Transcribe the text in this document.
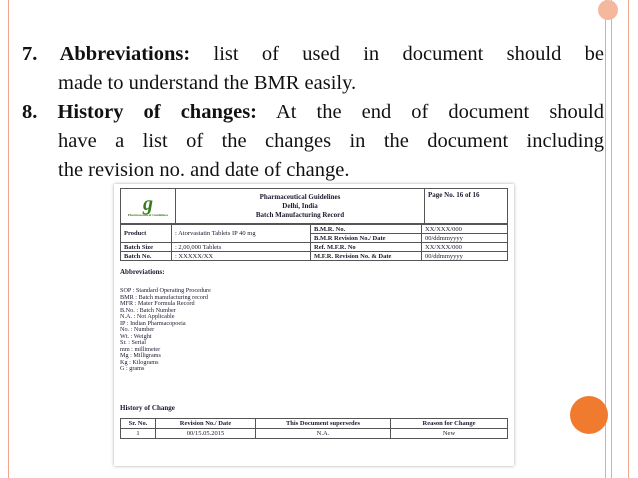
7. Abbreviations: list of used in document should be

made to understand the BMR easily.

8. History of changes: At the end of document should

have a list of the changes in the document including

the revision no. and date of change.

g
Pharmaceutical Guidelines

Pharmaceutical Guidelines
Delhi, India
Batch Manufacturing Record
	Page No. 16 of 16
Product	: Atorvastatin Tablets IP 40 mg	B.M.R. No.	XX/XXX/000
		B.M.R Revision No./ Date	00/ddmmyyyy
Batch Size	: 2,00,000 Tablets	Ref. M.F.R. No	XX/XXX/000
Batch No.	: XXXXX/XX	M.F.R. Revision No. & Date	00/ddmmyyyy
Abbreviations:
SOP : Standard Operating Procedure
BMR : Batch manufacturing record
MFR : Mater Formula Record
B.No. : Batch Number
N.A. : Not Applicable
IP : Indian Pharmacopoeia
No. : Number
Wt. : Weight
Sr. : Serial
mm : millimeter
Mg : Milligrams
Kg : Kilograms
G : grams
History of Change
Sr. No.	Revision No./ Date	This Document supersedes	Reason for Change
1	00/15.05.2015	N.A.	New
